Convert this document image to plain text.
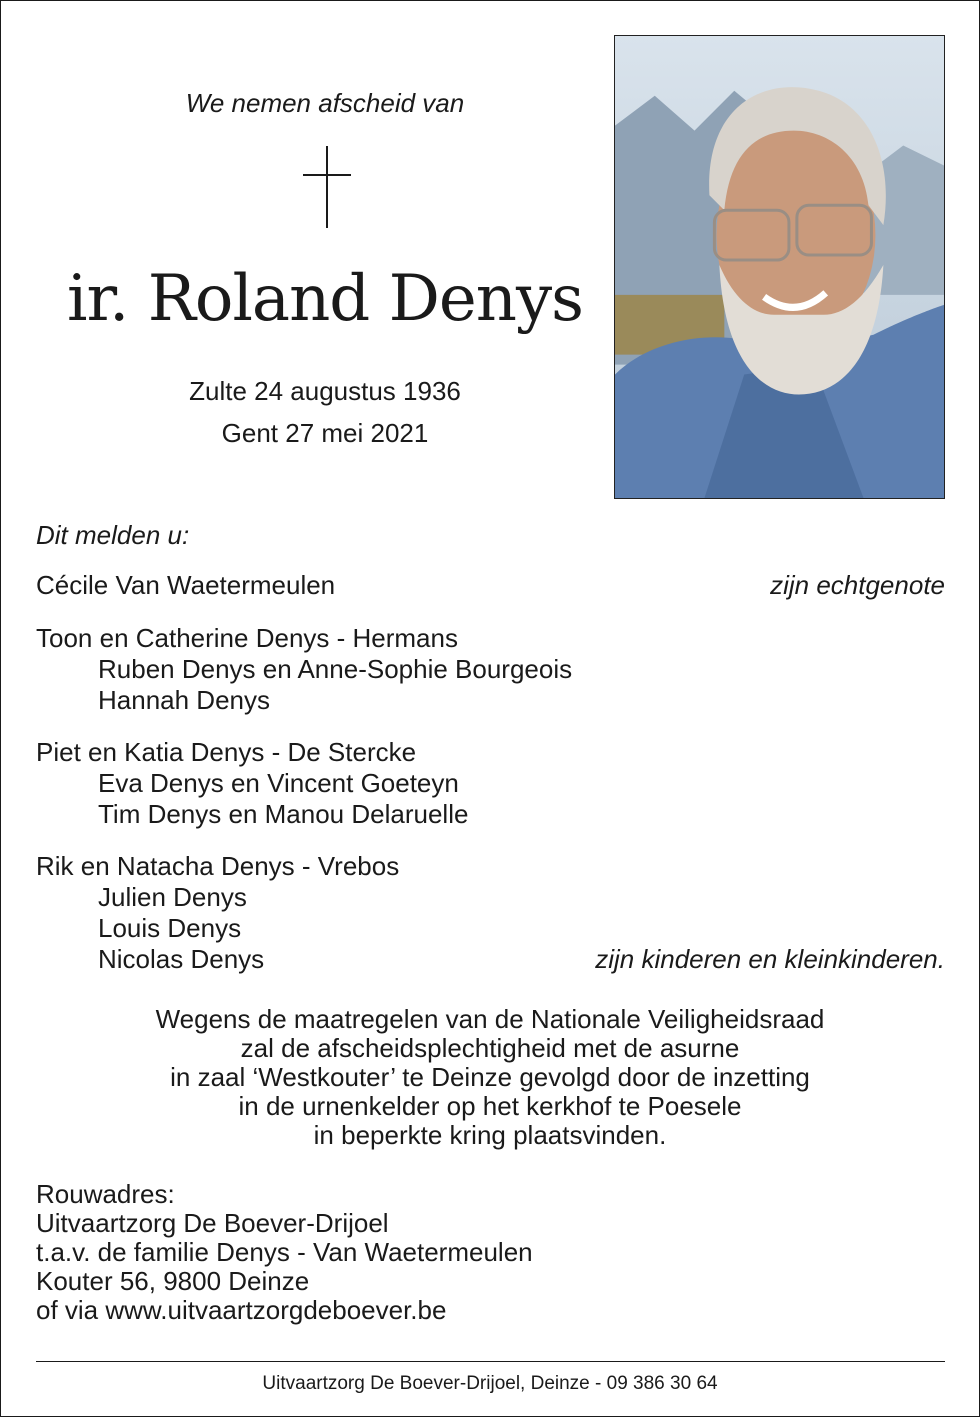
We nemen afscheid van
ir. Roland Denys
Zulte 24 augustus 1936
Gent 27 mei 2021
Dit melden u:
Cécile Van Waetermeulen	zijn echtgenote
Toon en Catherine Denys - Hermans
Ruben Denys en Anne-Sophie Bourgeois
Hannah Denys
Piet en Katia Denys - De Stercke
Eva Denys en Vincent Goeteyn
Tim Denys en Manou Delaruelle
Rik en Natacha Denys - Vrebos
Julien Denys
Louis Denys
Nicolas Denys	zijn kinderen en kleinkinderen.
Wegens de maatregelen van de Nationale Veiligheidsraad
zal de afscheidsplechtigheid met de asurne
in zaal ‘Westkouter’ te Deinze gevolgd door de inzetting
in de urnenkelder op het kerkhof te Poesele
in beperkte kring plaatsvinden.
Rouwadres:
Uitvaartzorg De Boever-Drijoel
t.a.v. de familie Denys - Van Waetermeulen
Kouter 56, 9800 Deinze
of via www.uitvaartzorgdeboever.be
Uitvaartzorg De Boever-Drijoel, Deinze - 09 386 30 64
